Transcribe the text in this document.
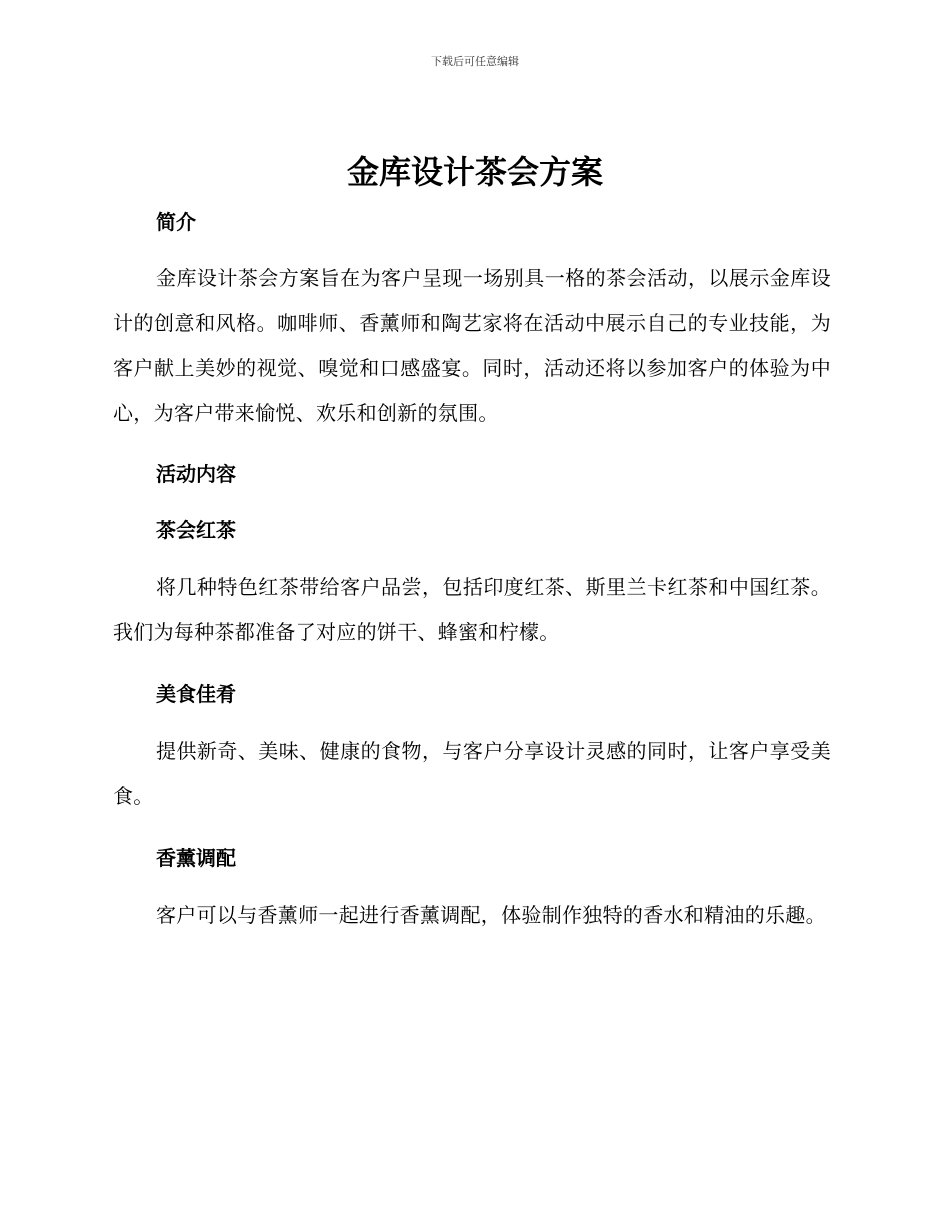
下载后可任意编辑
金库设计茶会方案

简介

金库设计茶会方案旨在为客户呈现一场别具一格的茶会活动，以展示金库设计的创意和风格。咖啡师、香薰师和陶艺家将在活动中展示自己的专业技能，为客户献上美妙的视觉、嗅觉和口感盛宴。同时，活动还将以参加客户的体验为中心，为客户带来愉悦、欢乐和创新的氛围。

活动内容

茶会红茶

将几种特色红茶带给客户品尝，包括印度红茶、斯里兰卡红茶和中国红茶。我们为每种茶都准备了对应的饼干、蜂蜜和柠檬。

美食佳肴

提供新奇、美味、健康的食物，与客户分享设计灵感的同时，让客户享受美食。

香薰调配

客户可以与香薰师一起进行香薰调配，体验制作独特的香水和精油的乐趣。
